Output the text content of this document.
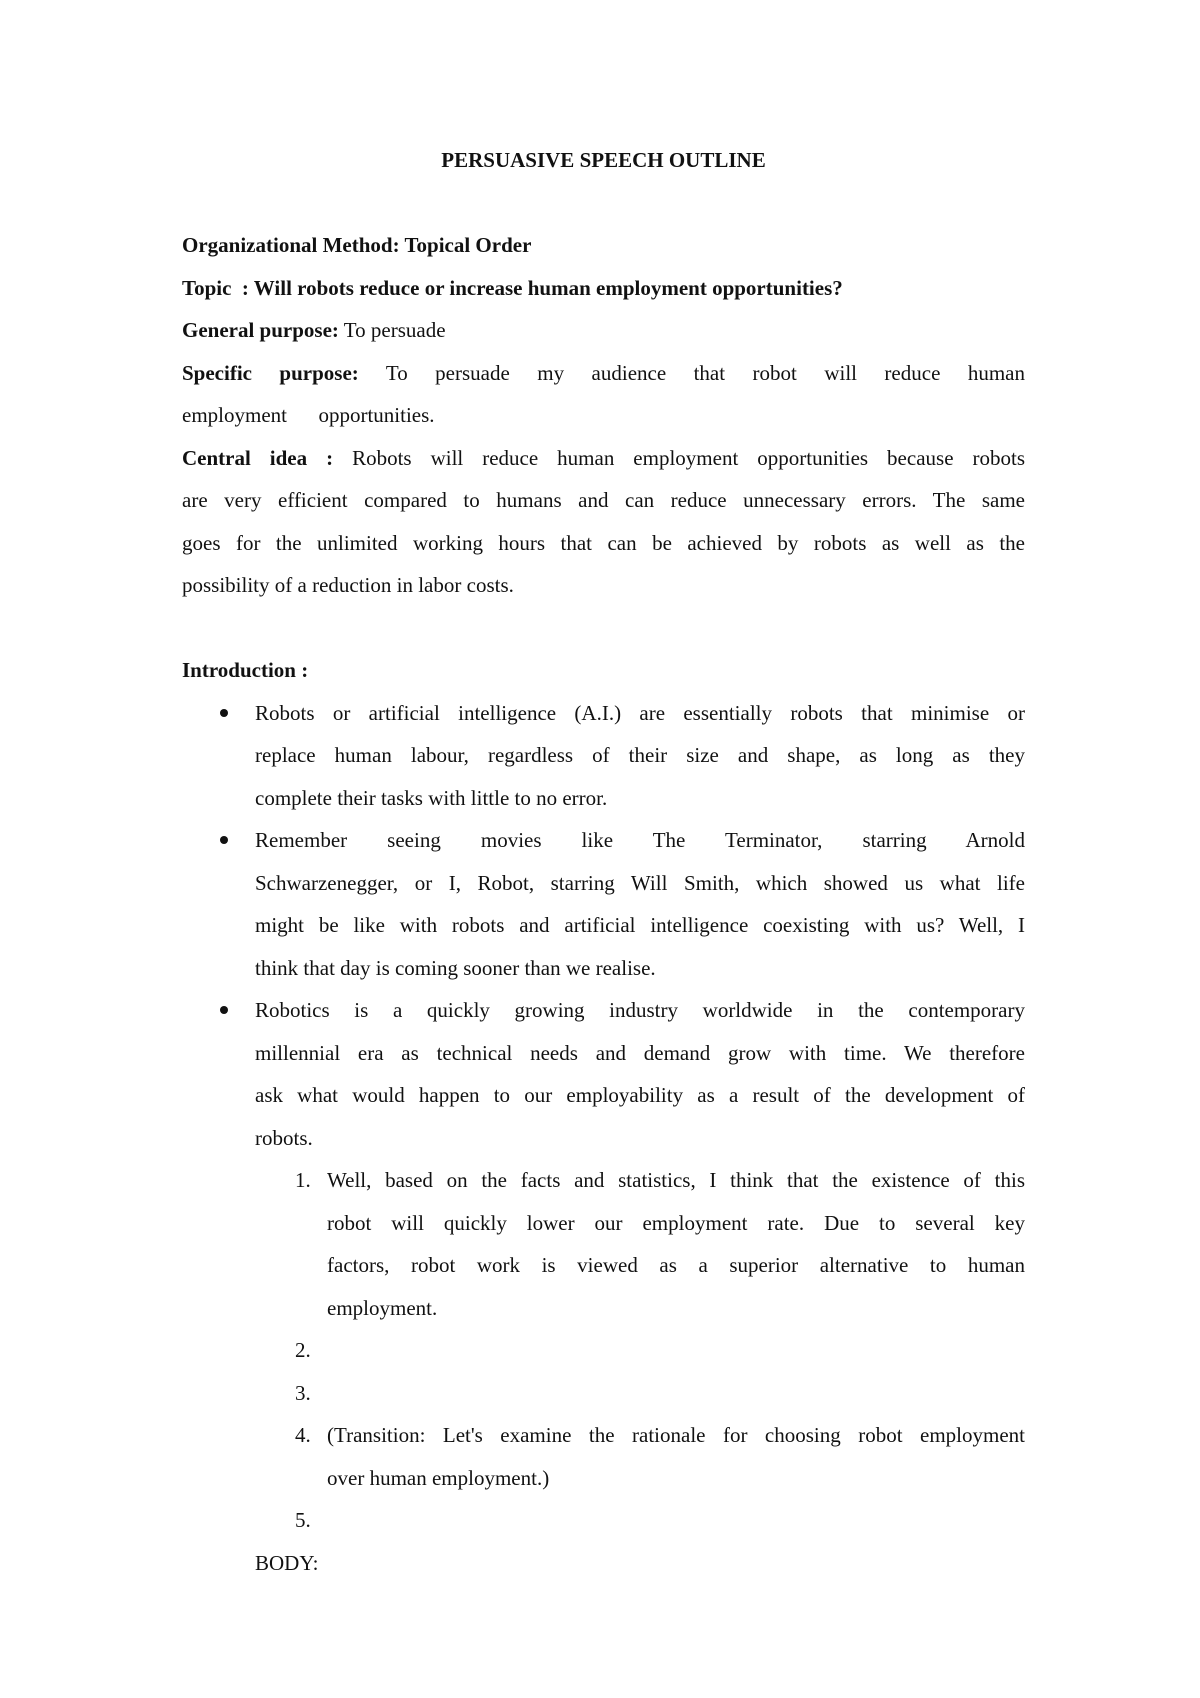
PERSUASIVE SPEECH OUTLINE
Organizational Method: Topical Order
Topic  : Will robots reduce or increase human employment opportunities?
General purpose: To persuade
Specific purpose: To persuade my audience that robot will reduce human
employment      opportunities.
Central idea : Robots will reduce human employment opportunities because robots
are very efficient compared to humans and can reduce unnecessary errors. The same
goes for the unlimited working hours that can be achieved by robots as well as the
possibility of a reduction in labor costs.
Introduction :
Robots or artificial intelligence (A.I.) are essentially robots that minimise or
replace human labour, regardless of their size and shape, as long as they
complete their tasks with little to no error.
Remember seeing movies like The Terminator, starring Arnold
Schwarzenegger, or I, Robot, starring Will Smith, which showed us what life
might be like with robots and artificial intelligence coexisting with us? Well, I
think that day is coming sooner than we realise.
Robotics is a quickly growing industry worldwide in the contemporary
millennial era as technical needs and demand grow with time. We therefore
ask what would happen to our employability as a result of the development of
robots.
1. Well, based on the facts and statistics, I think that the existence of this
robot will quickly lower our employment rate. Due to several key
factors, robot work is viewed as a superior alternative to human
employment.
2.
3.
4. (Transition: Let's examine the rationale for choosing robot employment
over human employment.)
5.
BODY:
